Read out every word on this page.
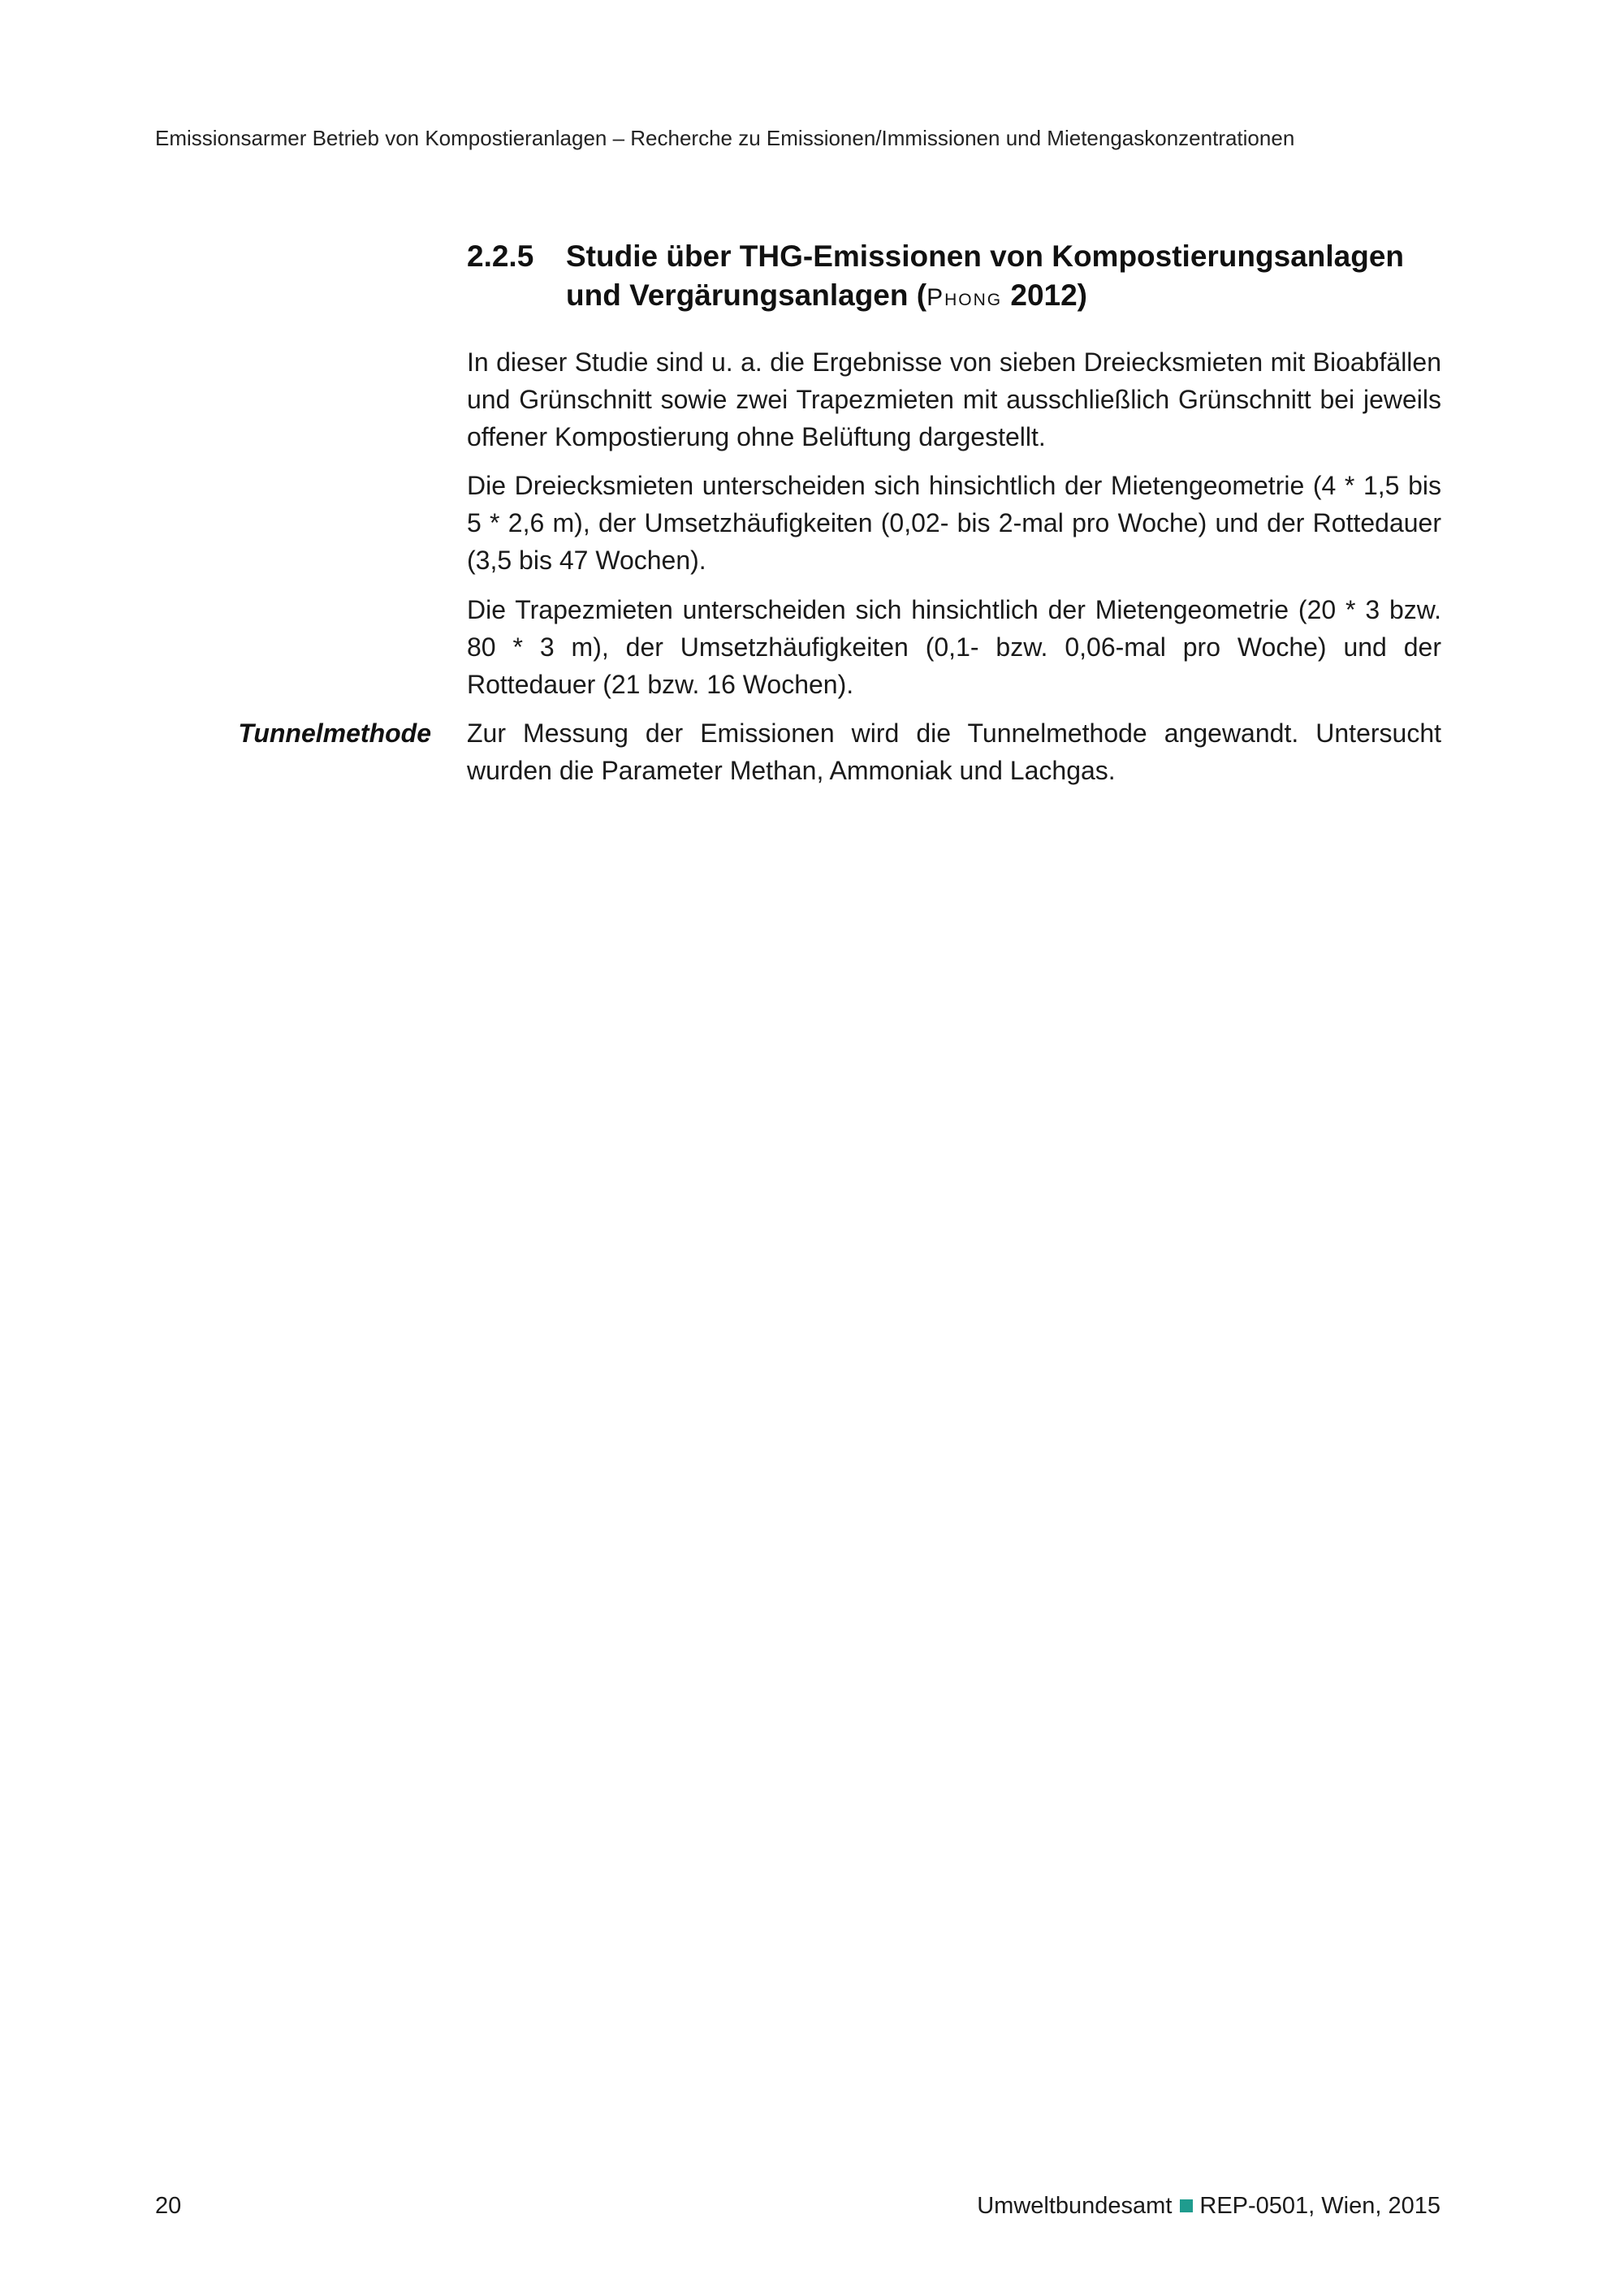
Emissionsarmer Betrieb von Kompostieranlagen – Recherche zu Emissionen/Immissionen und Mietengaskonzentrationen
2.2.5 Studie über THG-Emissionen von Kompostierungsanlagen und Vergärungsanlagen (Phong 2012)

In dieser Studie sind u. a. die Ergebnisse von sieben Dreiecksmieten mit Bioabfällen und Grünschnitt sowie zwei Trapezmieten mit ausschließlich Grünschnitt bei jeweils offener Kompostierung ohne Belüftung dargestellt.

Die Dreiecksmieten unterscheiden sich hinsichtlich der Mietengeometrie (4 * 1,5 bis 5 * 2,6 m), der Umsetzhäufigkeiten (0,02- bis 2-mal pro Woche) und der Rottedauer (3,5 bis 47 Wochen).

Die Trapezmieten unterscheiden sich hinsichtlich der Mietengeometrie (20 * 3 bzw. 80 * 3 m), der Umsetzhäufigkeiten (0,1- bzw. 0,06-mal pro Woche) und der Rottedauer (21 bzw. 16 Wochen).

Tunnelmethode Zur Messung der Emissionen wird die Tunnelmethode angewandt. Untersucht wurden die Parameter Methan, Ammoniak und Lachgas.

20	Umweltbundesamt REP-0501, Wien, 2015
